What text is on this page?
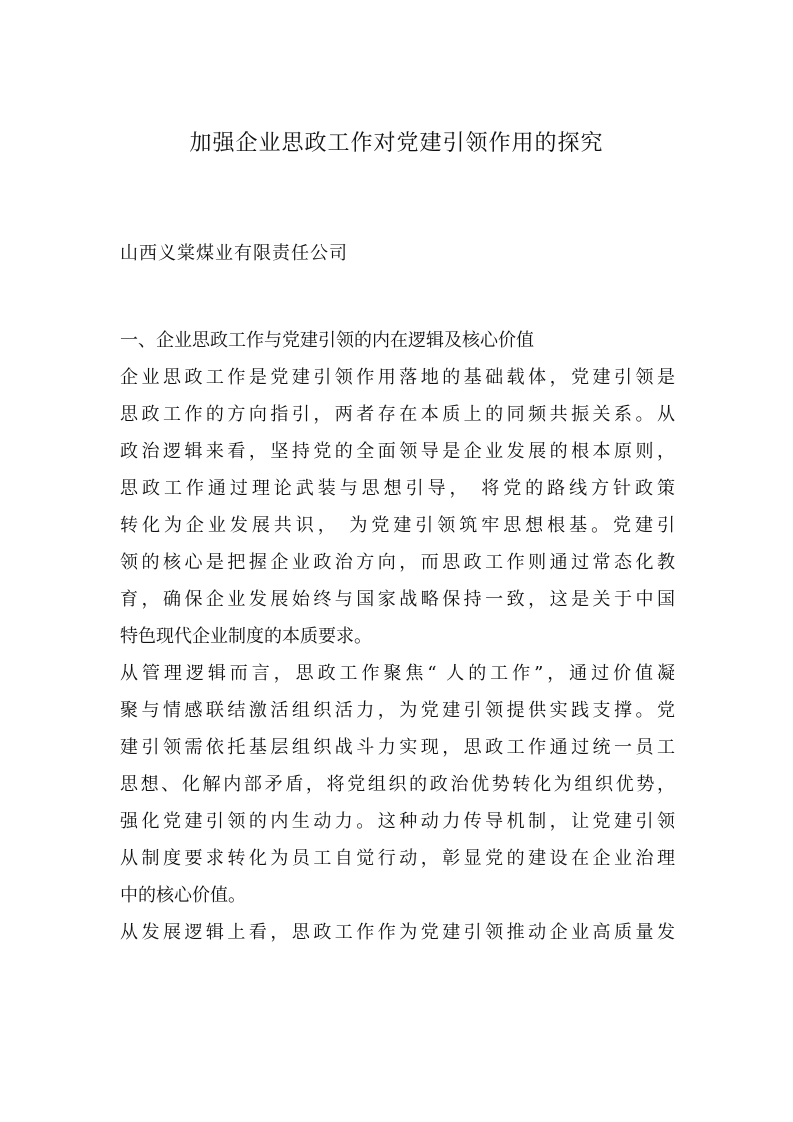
加强企业思政工作对党建引领作用的探究
山西义棠煤业有限责任公司
一、企业思政工作与党建引领的内在逻辑及核心价值
企业思政工作是党建引领作用落地的基础载体，党建引领是
思政工作的方向指引，两者存在本质上的同频共振关系。从
政治逻辑来看，坚持党的全面领导是企业发展的根本原则，
思政工作通过理论武装与思想引导， 将党的路线方针政策
转化为企业发展共识， 为党建引领筑牢思想根基。党建引
领的核心是把握企业政治方向，而思政工作则通过常态化教
育，确保企业发展始终与国家战略保持一致，这是关于中国
特色现代企业制度的本质要求。
从管理逻辑而言，思政工作聚焦“ 人的工作”，通过价值凝
聚与情感联结激活组织活力，为党建引领提供实践支撑。党
建引领需依托基层组织战斗力实现，思政工作通过统一员工
思想、化解内部矛盾，将党组织的政治优势转化为组织优势，
强化党建引领的内生动力。这种动力传导机制，让党建引领
从制度要求转化为员工自觉行动，彰显党的建设在企业治理
中的核心价值。
从发展逻辑上看，思政工作作为党建引领推动企业高质量发
